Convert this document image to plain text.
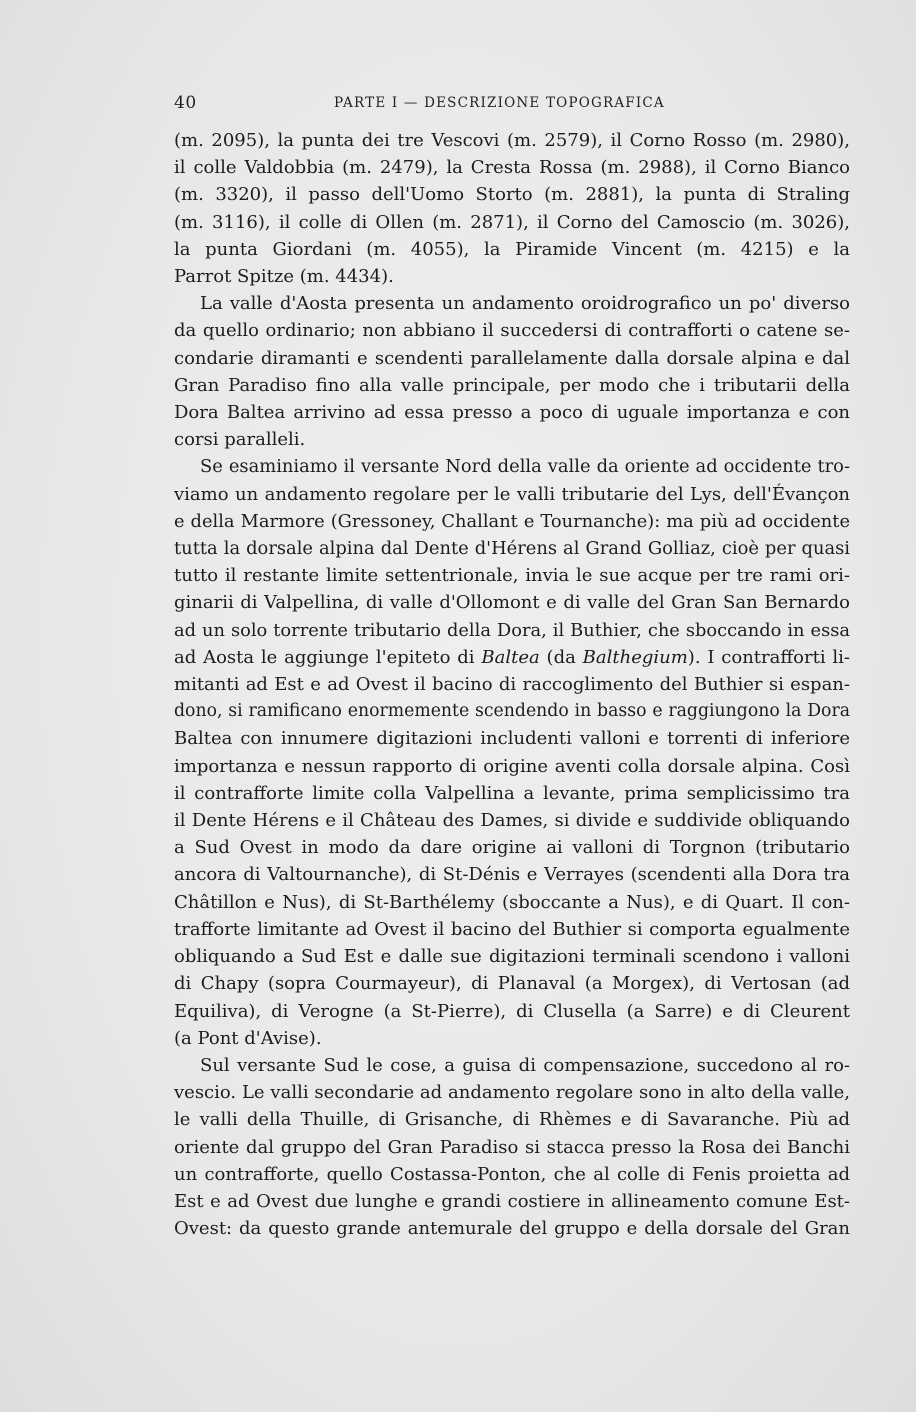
40	PARTE I — DESCRIZIONE TOPOGRAFICA
(m. 2095), la punta dei tre Vescovi (m. 2579), il Corno Rosso (m. 2980),
il colle Valdobbia (m. 2479), la Cresta Rossa (m. 2988), il Corno Bianco
(m. 3320), il passo dell'Uomo Storto (m. 2881), la punta di Straling
(m. 3116), il colle di Ollen (m. 2871), il Corno del Camoscio (m. 3026),
la punta Giordani (m. 4055), la Piramide Vincent (m. 4215) e la
Parrot Spitze (m. 4434).
La valle d'Aosta presenta un andamento oroidrografico un po' diverso
da quello ordinario; non abbiano il succedersi di contrafforti o catene se-
condarie diramanti e scendenti parallelamente dalla dorsale alpina e dal
Gran Paradiso fino alla valle principale, per modo che i tributarii della
Dora Baltea arrivino ad essa presso a poco di uguale importanza e con
corsi paralleli.
Se esaminiamo il versante Nord della valle da oriente ad occidente tro-
viamo un andamento regolare per le valli tributarie del Lys, dell'Évançon
e della Marmore (Gressoney, Challant e Tournanche): ma più ad occidente
tutta la dorsale alpina dal Dente d'Hérens al Grand Golliaz, cioè per quasi
tutto il restante limite settentrionale, invia le sue acque per tre rami ori-
ginarii di Valpellina, di valle d'Ollomont e di valle del Gran San Bernardo
ad un solo torrente tributario della Dora, il Buthier, che sboccando in essa
ad Aosta le aggiunge l'epiteto di Baltea (da Balthegium). I contrafforti li-
mitanti ad Est e ad Ovest il bacino di raccoglimento del Buthier si espan-
dono, si ramificano enormemente scendendo in basso e raggiungono la Dora
Baltea con innumere digitazioni includenti valloni e torrenti di inferiore
importanza e nessun rapporto di origine aventi colla dorsale alpina. Così
il contrafforte limite colla Valpellina a levante, prima semplicissimo tra
il Dente Hérens e il Château des Dames, si divide e suddivide obliquando
a Sud Ovest in modo da dare origine ai valloni di Torgnon (tributario
ancora di Valtournanche), di St-Dénis e Verrayes (scendenti alla Dora tra
Châtillon e Nus), di St-Barthélemy (sboccante a Nus), e di Quart. Il con-
trafforte limitante ad Ovest il bacino del Buthier si comporta egualmente
obliquando a Sud Est e dalle sue digitazioni terminali scendono i valloni
di Chapy (sopra Courmayeur), di Planaval (a Morgex), di Vertosan (ad
Equiliva), di Verogne (a St-Pierre), di Clusella (a Sarre) e di Cleurent
(a Pont d'Avise).
Sul versante Sud le cose, a guisa di compensazione, succedono al ro-
vescio. Le valli secondarie ad andamento regolare sono in alto della valle,
le valli della Thuille, di Grisanche, di Rhèmes e di Savaranche. Più ad
oriente dal gruppo del Gran Paradiso si stacca presso la Rosa dei Banchi
un contrafforte, quello Costassa-Ponton, che al colle di Fenis proietta ad
Est e ad Ovest due lunghe e grandi costiere in allineamento comune Est-
Ovest: da questo grande antemurale del gruppo e della dorsale del Gran
